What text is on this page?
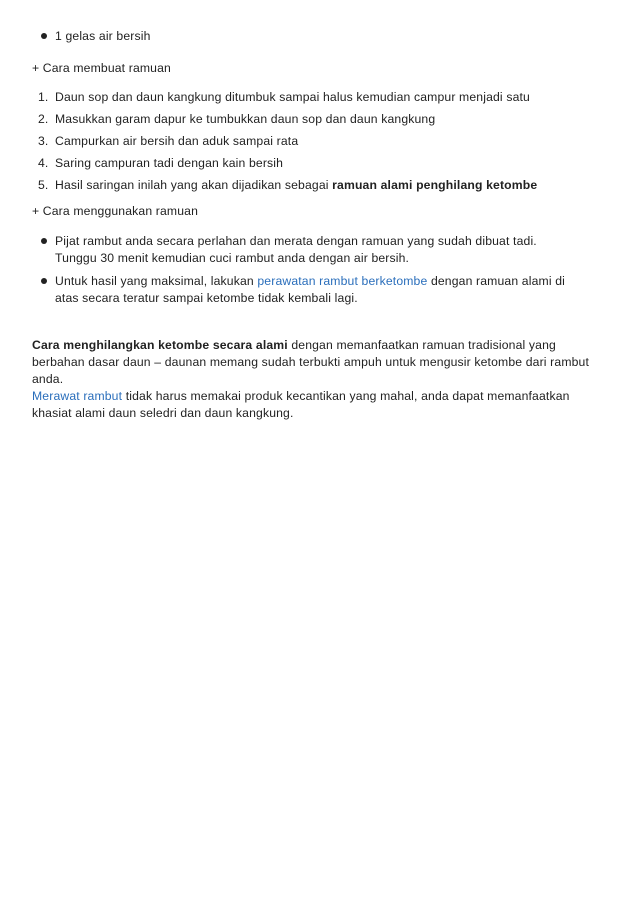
1 gelas air bersih
+ Cara membuat ramuan
1. Daun sop dan daun kangkung ditumbuk sampai halus kemudian campur menjadi satu
2. Masukkan garam dapur ke tumbukkan daun sop dan daun kangkung
3. Campurkan air bersih dan aduk sampai rata
4. Saring campuran tadi dengan kain bersih
5. Hasil saringan inilah yang akan dijadikan sebagai ramuan alami penghilang ketombe
+ Cara menggunakan ramuan
Pijat rambut anda secara perlahan dan merata dengan ramuan yang sudah dibuat tadi.
Tunggu 30 menit kemudian cuci rambut anda dengan air bersih.
Untuk hasil yang maksimal, lakukan perawatan rambut berketombe dengan ramuan alami di
atas secara teratur sampai ketombe tidak kembali lagi.
Cara menghilangkan ketombe secara alami dengan memanfaatkan ramuan tradisional yang
berbahan dasar daun – daunan memang sudah terbukti ampuh untuk mengusir ketombe dari rambut
anda.
Merawat rambut tidak harus memakai produk kecantikan yang mahal, anda dapat memanfaatkan
khasiat alami daun seledri dan daun kangkung.
